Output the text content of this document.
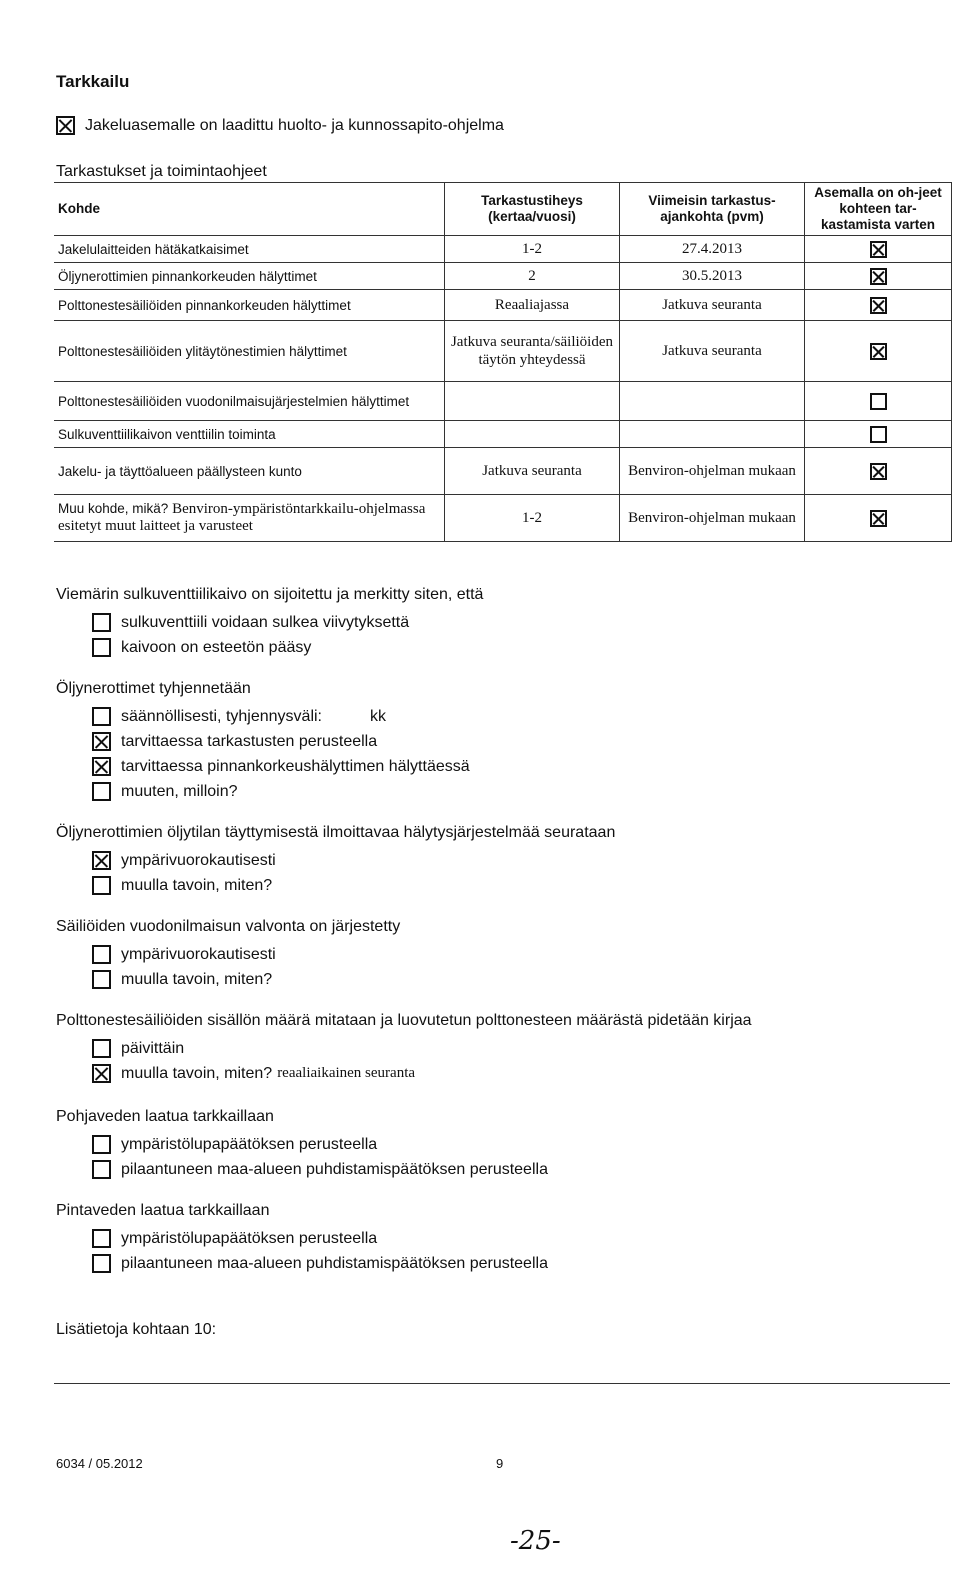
Tarkkailu
Jakeluasemalle on laadittu huolto- ja kunnossapito-ohjelma
Tarkastukset ja toimintaohjeet
Kohde	Tarkastustiheys (kertaa/vuosi)	Viimeisin tarkastus-ajankohta (pvm)	Asemalla on oh-jeet kohteen tar-kastamista varten
Jakelulaitteiden hätäkatkaisimet	1-2	27.4.2013	
Öljynerottimien pinnankorkeuden hälyttimet	2	30.5.2013	
Polttonestesäiliöiden pinnankorkeuden hälyttimet	Reaaliajassa	Jatkuva seuranta	
Polttonestesäiliöiden ylitäytönestimien hälyttimet	Jatkuva seuranta/säiliöiden täytön yhteydessä	Jatkuva seuranta	
Polttonestesäiliöiden vuodonilmaisujärjestelmien hälyttimet			
Sulkuventtiilikaivon venttiilin toiminta			
Jakelu- ja täyttöalueen päällysteen kunto	Jatkuva seuranta	Benviron-ohjelman mukaan	
Muu kohde, mikä? Benviron-ympäristöntarkkailu-ohjelmassa esitetyt muut laitteet ja varusteet	1-2	Benviron-ohjelman mukaan	
Viemärin sulkuventtiilikaivo on sijoitettu ja merkitty siten, että
sulkuventtiili voidaan sulkea viivytyksettä
kaivoon on esteetön pääsy
Öljynerottimet tyhjennetään
säännöllisesti, tyhjennysväli:	kk
tarvittaessa tarkastusten perusteella
tarvittaessa pinnankorkeushälyttimen hälyttäessä
muuten, milloin?
Öljynerottimien öljytilan täyttymisestä ilmoittavaa hälytysjärjestelmää seurataan
ympärivuorokautisesti
muulla tavoin, miten?
Säiliöiden vuodonilmaisun valvonta on järjestetty
ympärivuorokautisesti
muulla tavoin, miten?
Polttonestesäiliöiden sisällön määrä mitataan ja luovutetun polttonesteen määrästä pidetään kirjaa
päivittäin
muulla tavoin, miten? reaaliaikainen seuranta
Pohjaveden laatua tarkkaillaan
ympäristölupapäätöksen perusteella
pilaantuneen maa-alueen puhdistamispäätöksen perusteella
Pintaveden laatua tarkkaillaan
ympäristölupapäätöksen perusteella
pilaantuneen maa-alueen puhdistamispäätöksen perusteella
Lisätietoja kohtaan 10:
6034 / 05.2012	9
-25-
